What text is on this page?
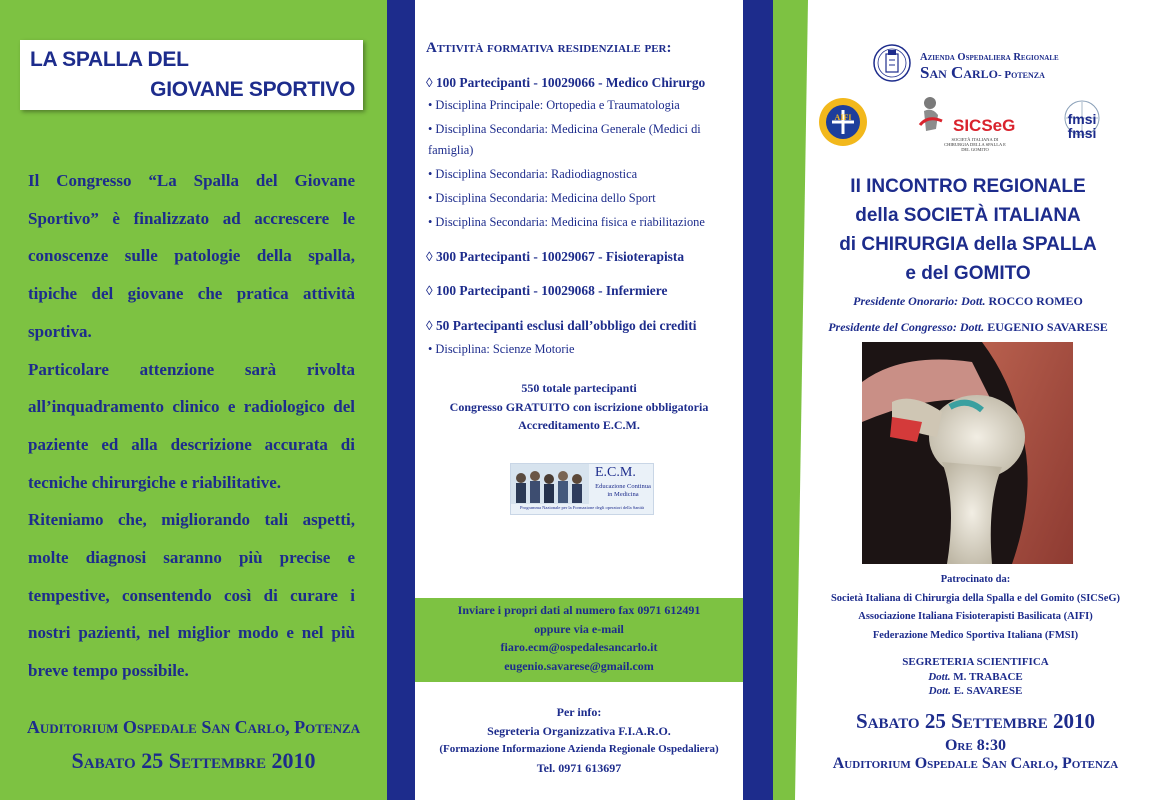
LA SPALLA DEL
GIOVANE SPORTIVO

Il Congresso “La Spalla del Giovane Sportivo” è finalizzato ad accrescere le conoscenze sulle patologie della spalla, tipiche del giovane che pratica attività sportiva.

Particolare attenzione sarà rivolta all’inquadramento clinico e radiologico del paziente ed alla descrizione accurata di tecniche chirurgiche e riabilitative.

Riteniamo che, migliorando tali aspetti, molte diagnosi saranno più precise e tempestive, consentendo così di curare i nostri pazienti, nel miglior modo e nel più breve tempo possibile.

Auditorium Ospedale San Carlo, Potenza
Sabato 25 Settembre 2010
Attività formativa residenziale per:
◊ 100 Partecipanti - 10029066 - Medico Chirurgo
• Disciplina Principale: Ortopedia e Traumatologia
• Disciplina Secondaria: Medicina Generale (Medici di
famiglia)
• Disciplina Secondaria: Radiodiagnostica
• Disciplina Secondaria: Medicina dello Sport
• Disciplina Secondaria: Medicina fisica e riabilitazione
◊ 300 Partecipanti - 10029067 - Fisioterapista
◊ 100 Partecipanti - 10029068 - Infermiere
◊ 50 Partecipanti esclusi dall’obbligo dei crediti
• Disciplina: Scienze Motorie
550 totale partecipanti
Congresso GRATUITO con iscrizione obbligatoria
Accreditamento E.C.M.
E.C.M.
Educazione Continua
in Medicina
Programma Nazionale per la Formazione degli operatori della Sanità
Inviare i propri dati al numero fax 0971 612491
oppure via e-mail
fiaro.ecm@ospedalesancarlo.it
eugenio.savarese@gmail.com
Per info:
Segreteria Organizzativa F.I.A.R.O.
(Formazione Informazione Azienda Regionale Ospedaliera)
Tel. 0971 613697
Azienda Ospedaliera Regionale
San Carlo- Potenza
AIFI	SICSeG
SOCIETÀ ITALIANA DI CHIRURGIA DELLA SPALLA E DEL GOMITO
fmsi
fmsi
II INCONTRO REGIONALE
della SOCIETÀ ITALIANA
di CHIRURGIA della SPALLA
e del GOMITO
Presidente Onorario: Dott. ROCCO ROMEO
Presidente del Congresso: Dott. EUGENIO SAVARESE
Patrocinato da:
Società Italiana di Chirurgia della Spalla e del Gomito (SICSeG)
Associazione Italiana Fisioterapisti Basilicata (AIFI)
Federazione Medico Sportiva Italiana (FMSI)
SEGRETERIA SCIENTIFICA
Dott. M. TRABACE
Dott. E. SAVARESE
Sabato 25 Settembre 2010
Ore 8:30
Auditorium Ospedale San Carlo, Potenza
